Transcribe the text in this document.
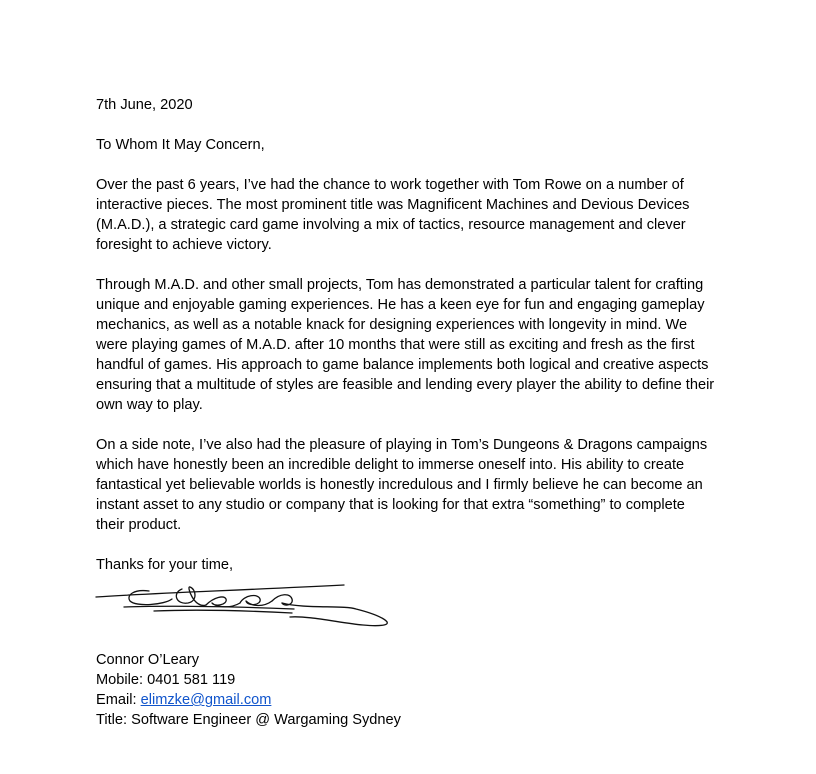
7th June, 2020
To Whom It May Concern,
Over the past 6 years, I’ve had the chance to work together with Tom Rowe on a number of
interactive pieces. The most prominent title was Magnificent Machines and Devious Devices
(M.A.D.), a strategic card game involving a mix of tactics, resource management and clever
foresight to achieve victory.
Through M.A.D. and other small projects, Tom has demonstrated a particular talent for crafting
unique and enjoyable gaming experiences. He has a keen eye for fun and engaging gameplay
mechanics, as well as a notable knack for designing experiences with longevity in mind. We
were playing games of M.A.D. after 10 months that were still as exciting and fresh as the first
handful of games. His approach to game balance implements both logical and creative aspects
ensuring that a multitude of styles are feasible and lending every player the ability to define their
own way to play.
On a side note, I’ve also had the pleasure of playing in Tom’s Dungeons & Dragons campaigns
which have honestly been an incredible delight to immerse oneself into. His ability to create
fantastical yet believable worlds is honestly incredulous and I firmly believe he can become an
instant asset to any studio or company that is looking for that extra “something” to complete
their product.
Thanks for your time,
Connor O’Leary
Mobile: 0401 581 119
Email: elimzke@gmail.com
Title: Software Engineer @ Wargaming Sydney
